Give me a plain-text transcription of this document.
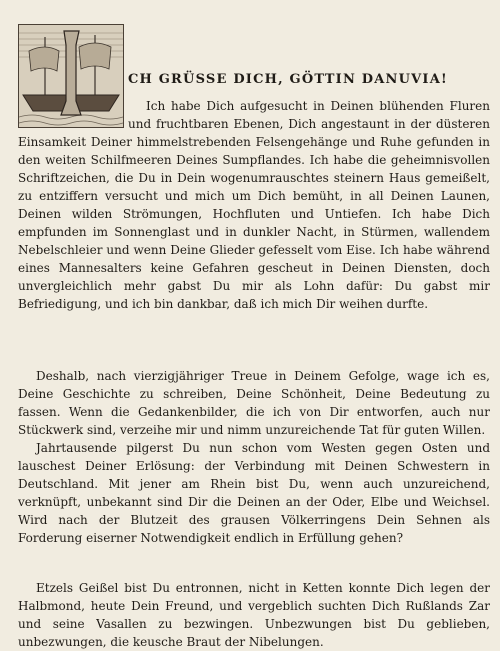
CH GRÜSSE DICH, GÖTTIN DANUVIA!

Ich habe Dich aufgesucht in Deinen blühenden Fluren und fruchtbaren Ebenen, Dich angestaunt in der düsteren Einsamkeit Deiner himmelstrebenden Felsengehänge und Ruhe gefunden in den weiten Schilfmeeren Deines Sumpflandes. Ich habe die geheimnisvollen Schriftzeichen, die Du in Dein wogenumrauschtes steinern Haus gemeißelt, zu entziffern versucht und mich um Dich bemüht, in all Deinen Launen, Deinen wilden Strömungen, Hochfluten und Untiefen. Ich habe Dich empfunden im Sonnenglast und in dunkler Nacht, in Stürmen, wallendem Nebelschleier und wenn Deine Glieder gefesselt vom Eise. Ich habe während eines Mannesalters keine Gefahren gescheut in Deinen Diensten, doch unvergleichlich mehr gabst Du mir als Lohn dafür: Du gabst mir Befriedigung, und ich bin dankbar, daß ich mich Dir weihen durfte.

Deshalb, nach vierzigjähriger Treue in Deinem Gefolge, wage ich es, Deine Geschichte zu schreiben, Deine Schönheit, Deine Bedeutung zu fassen. Wenn die Gedankenbilder, die ich von Dir entworfen, auch nur Stückwerk sind, verzeihe mir und nimm unzureichende Tat für guten Willen.

Jahrtausende pilgerst Du nun schon vom Westen gegen Osten und lauschest Deiner Erlösung: der Verbindung mit Deinen Schwestern in Deutschland. Mit jener am Rhein bist Du, wenn auch unzureichend, verknüpft, unbekannt sind Dir die Deinen an der Oder, Elbe und Weichsel. Wird nach der Blutzeit des grausen Völkerringens Dein Sehnen als Forderung eiserner Notwendigkeit endlich in Erfüllung gehen?

Etzels Geißel bist Du entronnen, nicht in Ketten konnte Dich legen der Halbmond, heute Dein Freund, und vergeblich suchten Dich Rußlands Zar und seine Vasallen zu bezwingen. Unbezwungen bist Du geblieben, unbezwungen, die keusche Braut der Nibelungen.
